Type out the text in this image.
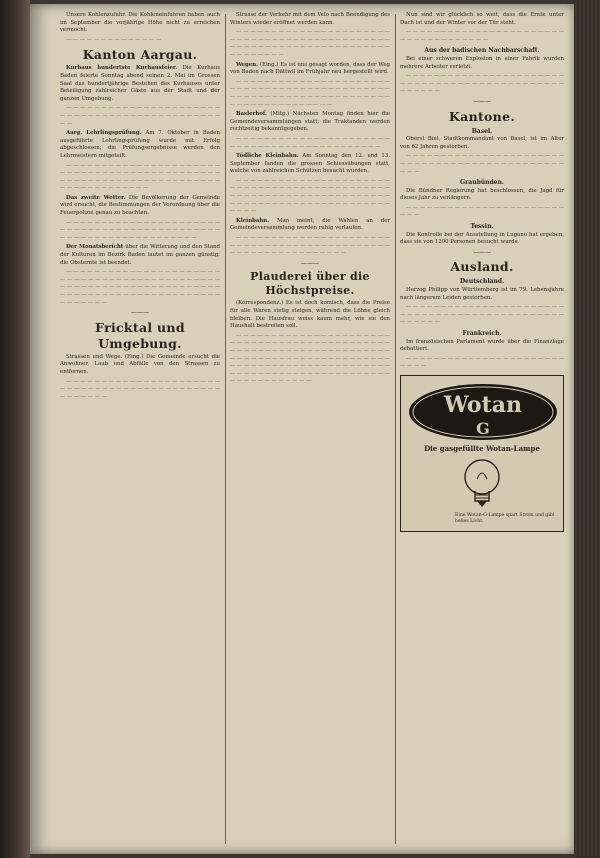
Unsere Kohlenzufuhr. Die Kohleneinfuhren haben auch im September die vorjährige Höhe nicht zu erreichen vermocht.
— — — — — — — — — — — — — —
Kanton Aargau.
Kurhaus hundertste Kurhausfeier. Die Kurhaus Baden feierte Sonntag abend seinen 2. Mai im Grossen Saal das hundertjährige Bestehen des Kurhauses unter Beteiligung zahlreicher Gäste aus der Stadt und der ganzen Umgebung.
— — — — — — — — — — — — — — — — — — — — — — — — — — — — — — — — — — — — — — — — — — — — — — —
Aarg. Lehrlingsprüfung. Am 7. Oktober in Baden ausgeführte Lehrlingsprüfung wurde mit Erfolg abgeschlossen; die Prüfungsergebnisse werden den Lehrmeistern mitgeteilt.
— — — — — — — — — — — — — — — — — — — — — — — — — — — — — — — — — — — — — — — — — — — — — — — — — — — — — — — — — — — — — — — — — — — — — — — — — — — — — — — — —
Das zweite Wetter. Die Bevölkerung der Gemeinde wird ersucht, die Bestimmungen der Verordnung über die Feuerpolizei genau zu beachten.
— — — — — — — — — — — — — — — — — — — — — — — — — — — — — — — — — — — — — — — — — — — — — — — — — — — — — — — — — — — — — — — — —
Der Monatsbericht über die Witterung und den Stand der Kulturen im Bezirk Baden lautet im ganzen günstig; die Obsternte ist beendet.
— — — — — — — — — — — — — — — — — — — — — — — — — — — — — — — — — — — — — — — — — — — — — — — — — — — — — — — — — — — — — — — — — — — — — — — — — — — — — — — — — — — — — — — — — — — — — — — — — —
———
Fricktal und Umgebung.
Strassen und Wege. (Eing.) Die Gemeinde ersucht die Anwohner, Laub und Abfälle von den Strassen zu entfernen.
— — — — — — — — — — — — — — — — — — — — — — — — — — — — — — — — — — — — — — — — — — — — — — — — — — — —
Strasse der Verkehr mit dem Velo nach Beendigung des Winters wieder eröffnet werden kann.
— — — — — — — — — — — — — — — — — — — — — — — — — — — — — — — — — — — — — — — — — — — — — — — — — — — — — — — — — — — — — — — — — — — — — — — — — — — —
Wegen. (Eing.) Es ist uns gesagt worden, dass der Weg von Baden nach Dättwil im Frühjahr neu hergestellt wird.
— — — — — — — — — — — — — — — — — — — — — — — — — — — — — — — — — — — — — — — — — — — — — — — — — — — — — — — — — — — — — — — — — — — — — — — — — — — — — — — — — — —
Baslerhof. (Mitg.) Nächsten Montag finden hier die Gemeindeversammlungen statt; die Traktanden werden rechtzeitig bekanntgegeben.
— — — — — — — — — — — — — — — — — — — — — — — — — — — — — — — — — — — — — — — — — — — —
Tödliche Kleinbahn. Am Sonntag den 12. und 13. September fanden die grossen Schiessübungen statt, welche von zahlreichen Schützen besucht wurden.
— — — — — — — — — — — — — — — — — — — — — — — — — — — — — — — — — — — — — — — — — — — — — — — — — — — — — — — — — — — — — — — — — — — — — — — — — — — — — — — — — — — — — — — — — — — — — — —
Kleinbahn. Man meint, die Wahlen an der Gemeindeversammlung werden ruhig verlaufen.
— — — — — — — — — — — — — — — — — — — — — — — — — — — — — — — — — — — — — — — — — — — — — — — — — — — — — — — — — — — — — —
———
Plauderei über die Höchstpreise.
(Korrespondenz.) Es ist doch komisch, dass die Preise für alle Waren stetig steigen, während die Löhne gleich bleiben. Die Hausfrau weiss kaum mehr, wie sie den Haushalt bestreiten soll.
— — — — — — — — — — — — — — — — — — — — — — — — — — — — — — — — — — — — — — — — — — — — — — — — — — — — — — — — — — — — — — — — — — — — — — — — — — — — — — — — — — — — — — — — — — — — — — — — — — — — — — — — — — — — — — — — — — — — — — — — — — — — — — — — — — — — — — — — — — — — — — — — — — — — —
Nun sind wir glücklich so weit, dass die Ernte unter Dach ist und der Winter vor der Tür steht.
— — — — — — — — — — — — — — — — — — — — — — — — — — — — — — — — — — — —
Aus der badischen Nachbarschaft.
Bei einer schweren Explosion in einer Fabrik wurden mehrere Arbeiter verletzt.
— — — — — — — — — — — — — — — — — — — — — — — — — — — — — — — — — — — — — — — — — — — — — — — — — — — —
———
Kantone.
Basel.
Oberst Biel, Stadtkommandant von Basel, ist im Alter von 62 Jahren gestorben.
— — — — — — — — — — — — — — — — — — — — — — — — — — — — — — — — — — — — — — — — — — — — — — — — —
Graubünden.
Die Bündner Regierung hat beschlossen, die Jagd für dieses Jahr zu verlängern.
— — — — — — — — — — — — — — — — — — — — — — — — — —
Tessin.
Die Kontrolle bei der Ausstellung in Lugano hat ergeben, dass sie von 1200 Personen besucht wurde.
———
Ausland.
Deutschland.
Herzog Philipp von Württemberg ist im 79. Lebensjahre nach längerem Leiden gestorben.
— — — — — — — — — — — — — — — — — — — — — — — — — — — — — — — — — — — — — — — — — — — — — — — — — — — —
Frankreich.
Im französischen Parlament wurde über die Finanzlage debattiert.
— — — — — — — — — — — — — — — — — — — — — — — — — — —
Wotan
G
Die gasgefüllte Wotan-Lampe
Eine Wotan-G-Lampe spart Strom und gibt helles Licht.
